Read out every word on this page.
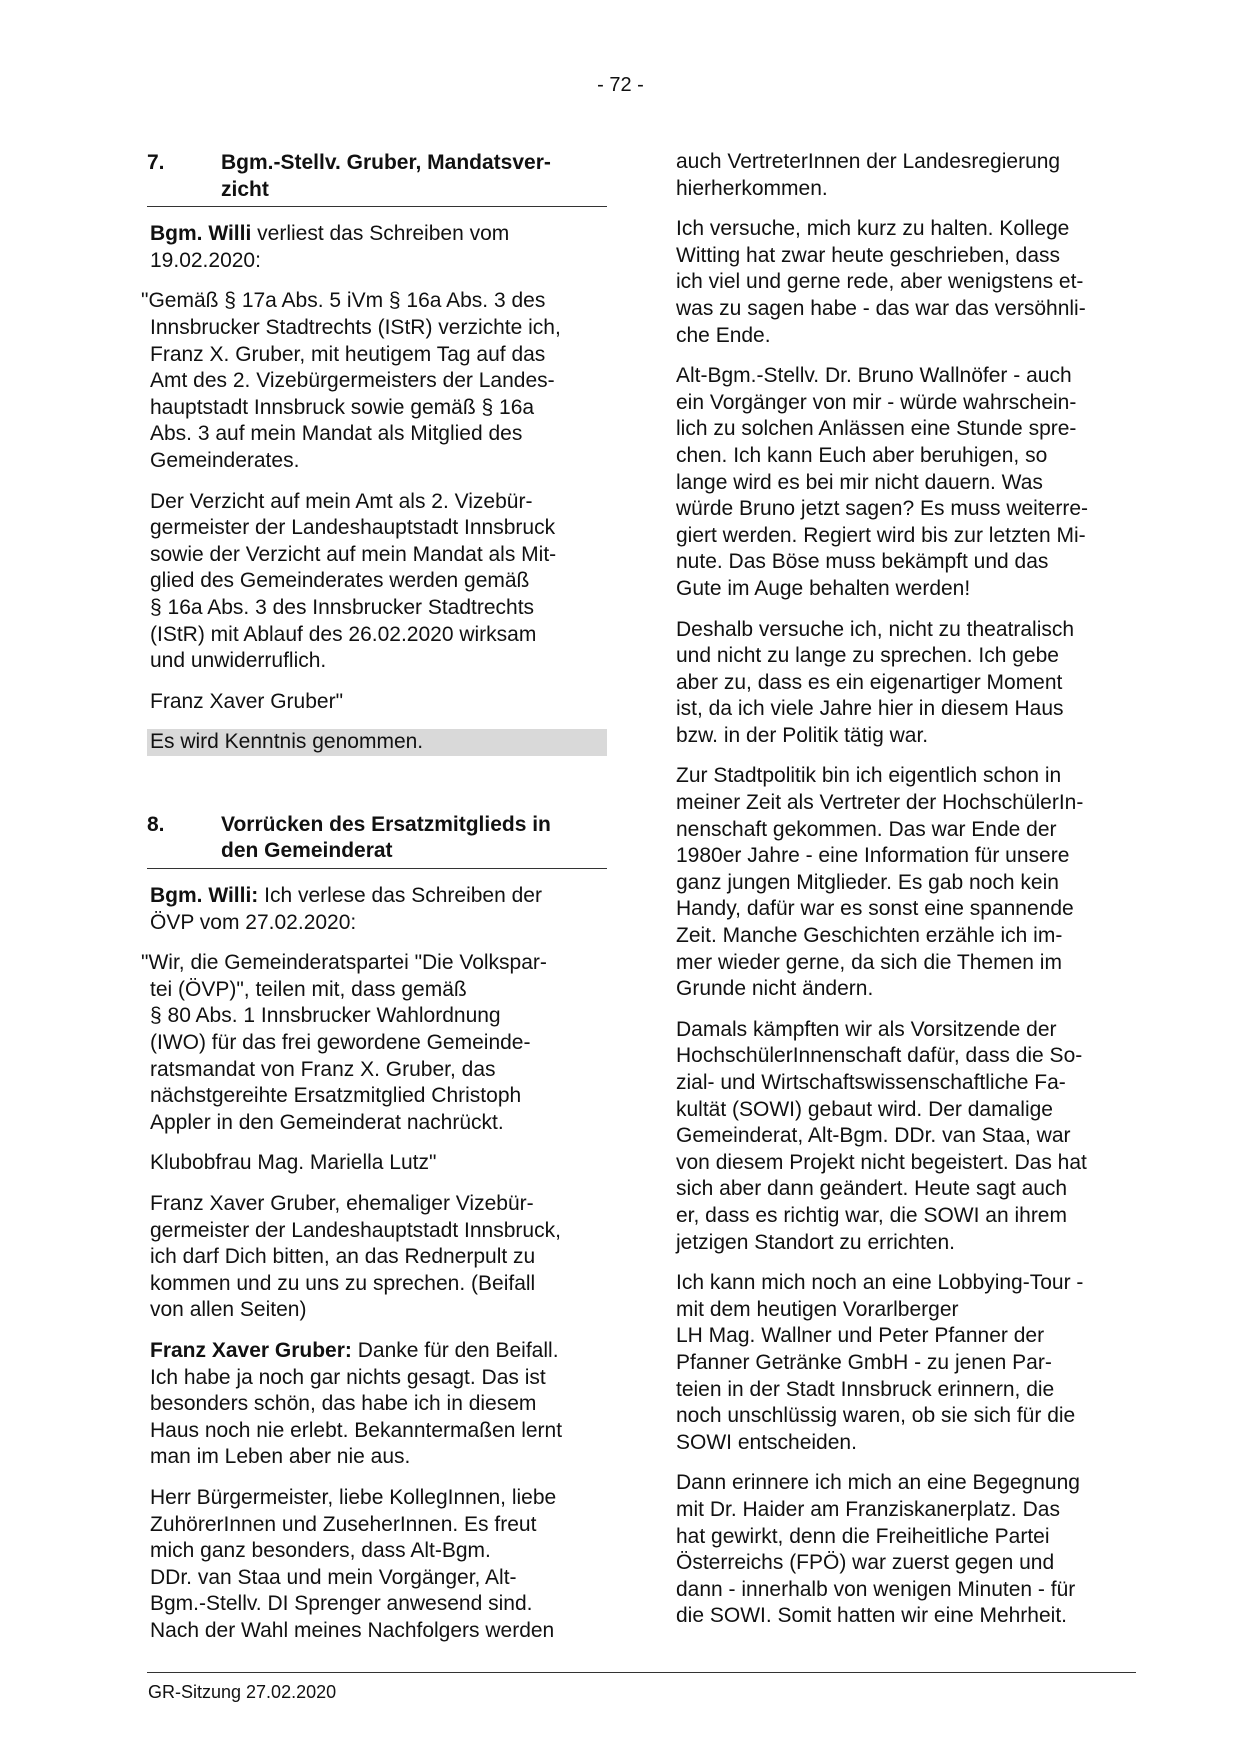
- 72 -
7.	Bgm.-Stellv. Gruber, Mandatsver-
zicht

Bgm. Willi verliest das Schreiben vom
19.02.2020:

"Gemäß § 17a Abs. 5 iVm § 16a Abs. 3 des
Innsbrucker Stadtrechts (IStR) verzichte ich,
Franz X. Gruber, mit heutigem Tag auf das
Amt des 2. Vizebürgermeisters der Landes-
hauptstadt Innsbruck sowie gemäß § 16a
Abs. 3 auf mein Mandat als Mitglied des
Gemeinderates.

Der Verzicht auf mein Amt als 2. Vizebür-
germeister der Landeshauptstadt Innsbruck
sowie der Verzicht auf mein Mandat als Mit-
glied des Gemeinderates werden gemäß
§ 16a Abs. 3 des Innsbrucker Stadtrechts
(IStR) mit Ablauf des 26.02.2020 wirksam
und unwiderruflich.

Franz Xaver Gruber"

Es wird Kenntnis genommen.

8.	Vorrücken des Ersatzmitglieds in
den Gemeinderat

Bgm. Willi: Ich verlese das Schreiben der
ÖVP vom 27.02.2020:

"Wir, die Gemeinderatspartei "Die Volkspar-
tei (ÖVP)", teilen mit, dass gemäß
§ 80 Abs. 1 Innsbrucker Wahlordnung
(IWO) für das frei gewordene Gemeinde-
ratsmandat von Franz X. Gruber, das
nächstgereihte Ersatzmitglied Christoph
Appler in den Gemeinderat nachrückt.

Klubobfrau Mag. Mariella Lutz"

Franz Xaver Gruber, ehemaliger Vizebür-
germeister der Landeshauptstadt Innsbruck,
ich darf Dich bitten, an das Rednerpult zu
kommen und zu uns zu sprechen. (Beifall
von allen Seiten)

Franz Xaver Gruber: Danke für den Beifall.
Ich habe ja noch gar nichts gesagt. Das ist
besonders schön, das habe ich in diesem
Haus noch nie erlebt. Bekanntermaßen lernt
man im Leben aber nie aus.

Herr Bürgermeister, liebe KollegInnen, liebe
ZuhörerInnen und ZuseherInnen. Es freut
mich ganz besonders, dass Alt-Bgm.
DDr. van Staa und mein Vorgänger, Alt-
Bgm.-Stellv. DI Sprenger anwesend sind.
Nach der Wahl meines Nachfolgers werden

auch VertreterInnen der Landesregierung
hierherkommen.

Ich versuche, mich kurz zu halten. Kollege
Witting hat zwar heute geschrieben, dass
ich viel und gerne rede, aber wenigstens et-
was zu sagen habe - das war das versöhnli-
che Ende.

Alt-Bgm.-Stellv. Dr. Bruno Wallnöfer - auch
ein Vorgänger von mir - würde wahrschein-
lich zu solchen Anlässen eine Stunde spre-
chen. Ich kann Euch aber beruhigen, so
lange wird es bei mir nicht dauern. Was
würde Bruno jetzt sagen? Es muss weiterre-
giert werden. Regiert wird bis zur letzten Mi-
nute. Das Böse muss bekämpft und das
Gute im Auge behalten werden!

Deshalb versuche ich, nicht zu theatralisch
und nicht zu lange zu sprechen. Ich gebe
aber zu, dass es ein eigenartiger Moment
ist, da ich viele Jahre hier in diesem Haus
bzw. in der Politik tätig war.

Zur Stadtpolitik bin ich eigentlich schon in
meiner Zeit als Vertreter der HochschülerIn-
nenschaft gekommen. Das war Ende der
1980er Jahre - eine Information für unsere
ganz jungen Mitglieder. Es gab noch kein
Handy, dafür war es sonst eine spannende
Zeit. Manche Geschichten erzähle ich im-
mer wieder gerne, da sich die Themen im
Grunde nicht ändern.

Damals kämpften wir als Vorsitzende der
HochschülerInnenschaft dafür, dass die So-
zial- und Wirtschaftswissenschaftliche Fa-
kultät (SOWI) gebaut wird. Der damalige
Gemeinderat, Alt-Bgm. DDr. van Staa, war
von diesem Projekt nicht begeistert. Das hat
sich aber dann geändert. Heute sagt auch
er, dass es richtig war, die SOWI an ihrem
jetzigen Standort zu errichten.

Ich kann mich noch an eine Lobbying-Tour -
mit dem heutigen Vorarlberger
LH Mag. Wallner und Peter Pfanner der
Pfanner Getränke GmbH - zu jenen Par-
teien in der Stadt Innsbruck erinnern, die
noch unschlüssig waren, ob sie sich für die
SOWI entscheiden.

Dann erinnere ich mich an eine Begegnung
mit Dr. Haider am Franziskanerplatz. Das
hat gewirkt, denn die Freiheitliche Partei
Österreichs (FPÖ) war zuerst gegen und
dann - innerhalb von wenigen Minuten - für
die SOWI. Somit hatten wir eine Mehrheit.

GR-Sitzung 27.02.2020
